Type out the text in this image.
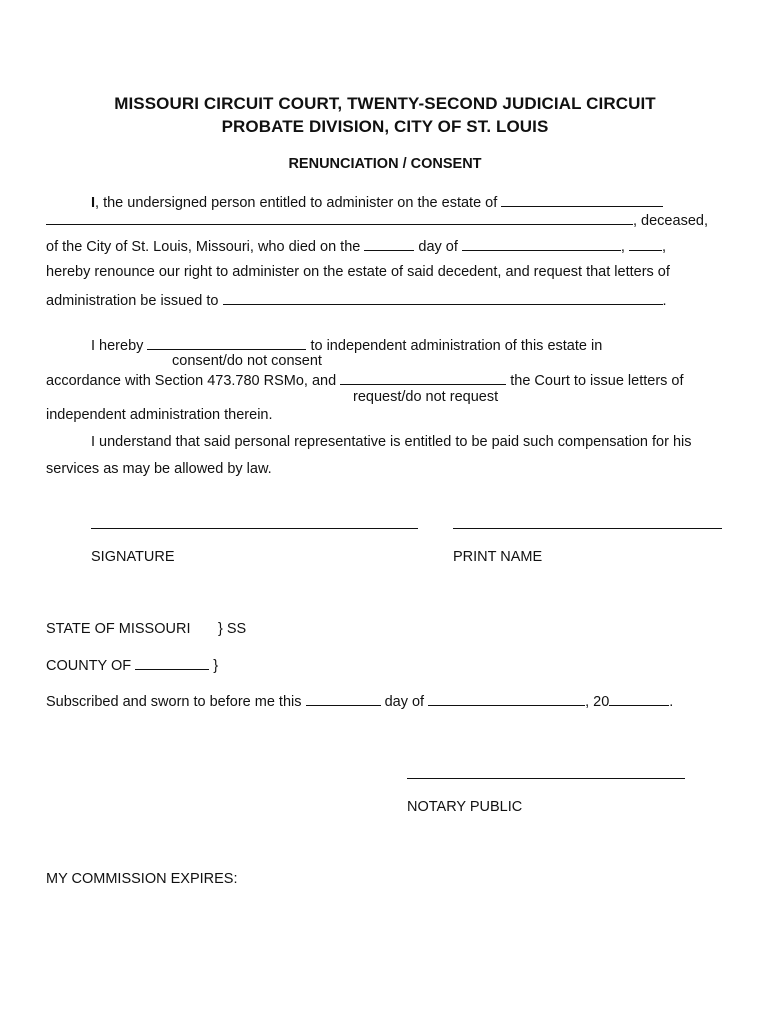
MISSOURI CIRCUIT COURT, TWENTY-SECOND JUDICIAL CIRCUIT
PROBATE DIVISION, CITY OF ST. LOUIS
RENUNCIATION / CONSENT
I, the undersigned person entitled to administer on the estate of
, deceased,
of the City of St. Louis, Missouri, who died on the	day of	,	,
hereby renounce our right to administer on the estate of said decedent, and request that letters of
administration be issued to	.
I hereby	to independent administration of this estate in
consent/do not consent
accordance with Section 473.780 RSMo, and	the Court to issue letters of
request/do not request
independent administration therein.
I understand that said personal representative is entitled to be paid such compensation for his
services as may be allowed by law.
SIGNATURE	PRINT NAME
STATE OF MISSOURI } SS
COUNTY OF	}
Subscribed and sworn to before me this	day of	, 20	.
NOTARY PUBLIC
MY COMMISSION EXPIRES:
